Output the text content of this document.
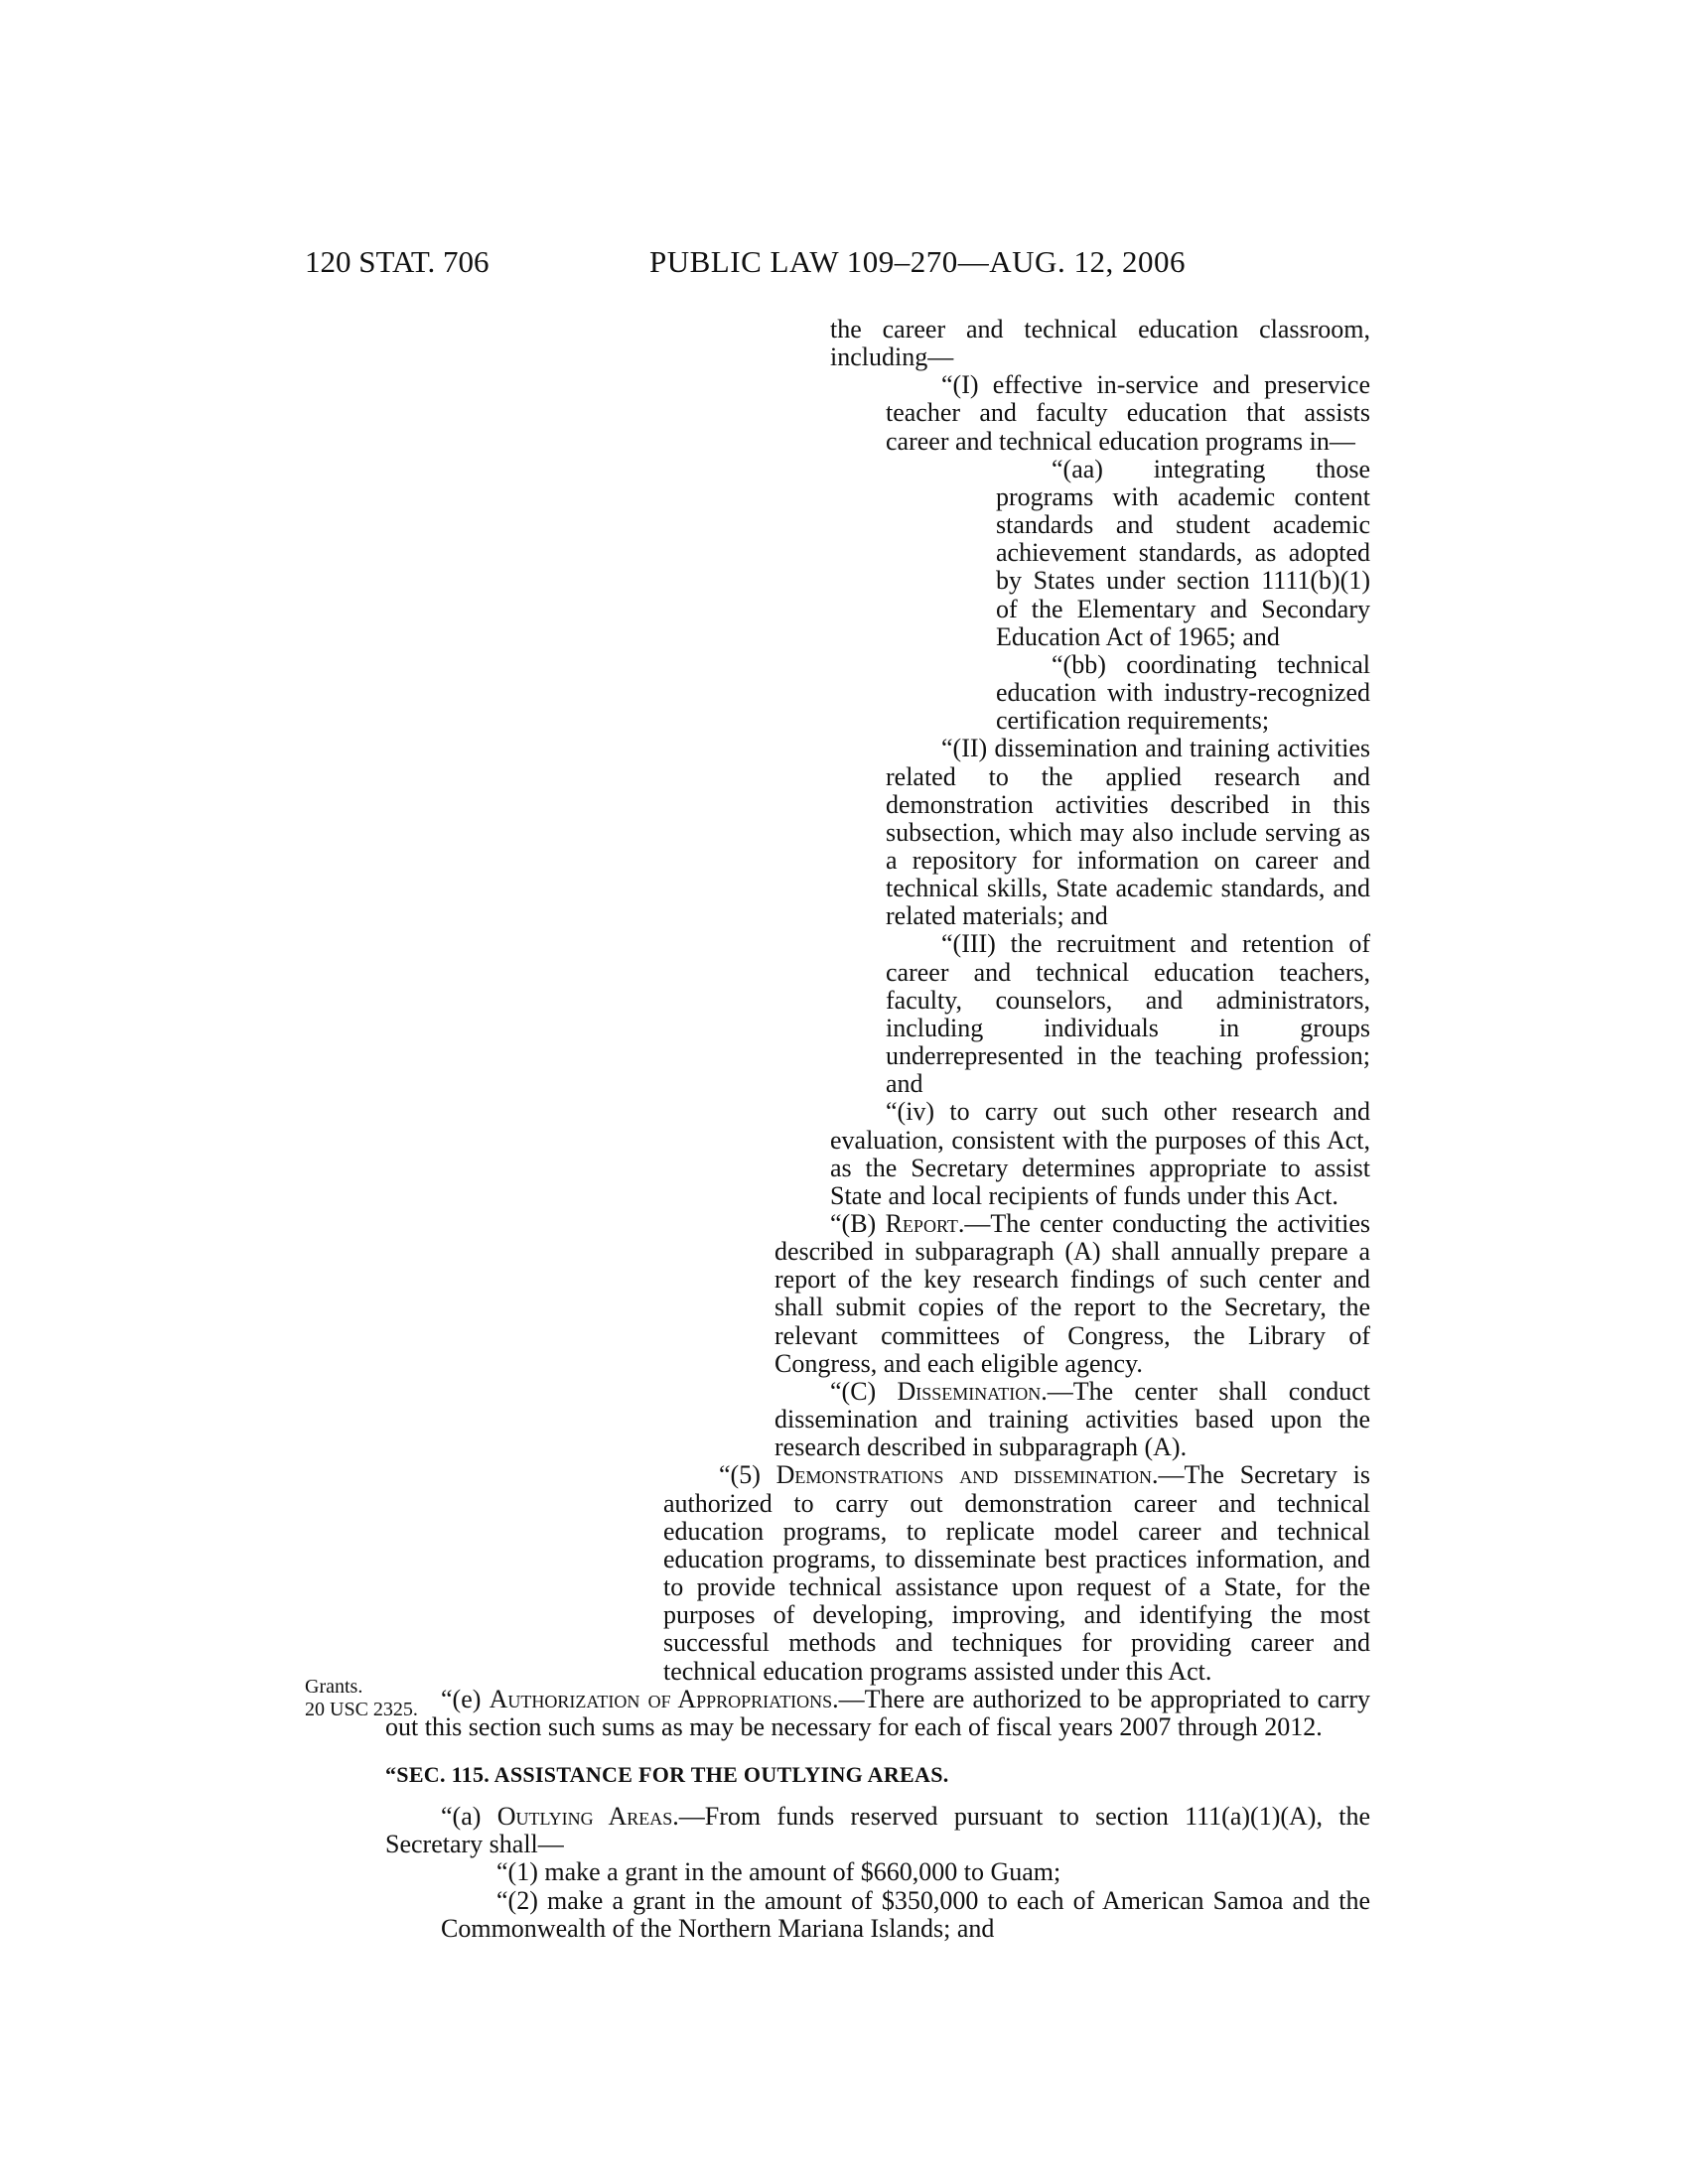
120 STAT. 706	PUBLIC LAW 109–270—AUG. 12, 2006
Grants.
20 USC 2325.

the career and technical education classroom, including—

“(I) effective in-service and preservice teacher and faculty education that assists career and technical education programs in—

“(aa) integrating those programs with academic content standards and student academic achievement standards, as adopted by States under section 1111(b)(1) of the Elementary and Secondary Education Act of 1965; and

“(bb) coordinating technical education with industry-recognized certification requirements;

“(II) dissemination and training activities related to the applied research and demonstration activities described in this subsection, which may also include serving as a repository for information on career and technical skills, State academic standards, and related materials; and

“(III) the recruitment and retention of career and technical education teachers, faculty, counselors, and administrators, including individuals in groups underrepresented in the teaching profession; and

“(iv) to carry out such other research and evaluation, consistent with the purposes of this Act, as the Secretary determines appropriate to assist State and local recipients of funds under this Act.

“(B) Report.—The center conducting the activities described in subparagraph (A) shall annually prepare a report of the key research findings of such center and shall submit copies of the report to the Secretary, the relevant committees of Congress, the Library of Congress, and each eligible agency.

“(C) Dissemination.—The center shall conduct dissemination and training activities based upon the research described in subparagraph (A).

“(5) Demonstrations and dissemination.—The Secretary is authorized to carry out demonstration career and technical education programs, to replicate model career and technical education programs, to disseminate best practices information, and to provide technical assistance upon request of a State, for the purposes of developing, improving, and identifying the most successful methods and techniques for providing career and technical education programs assisted under this Act.

“(e) Authorization of Appropriations.—There are authorized to be appropriated to carry out this section such sums as may be necessary for each of fiscal years 2007 through 2012.

“SEC. 115. ASSISTANCE FOR THE OUTLYING AREAS.

“(a) Outlying Areas.—From funds reserved pursuant to section 111(a)(1)(A), the Secretary shall—

“(1) make a grant in the amount of $660,000 to Guam;

“(2) make a grant in the amount of $350,000 to each of American Samoa and the Commonwealth of the Northern Mariana Islands; and
